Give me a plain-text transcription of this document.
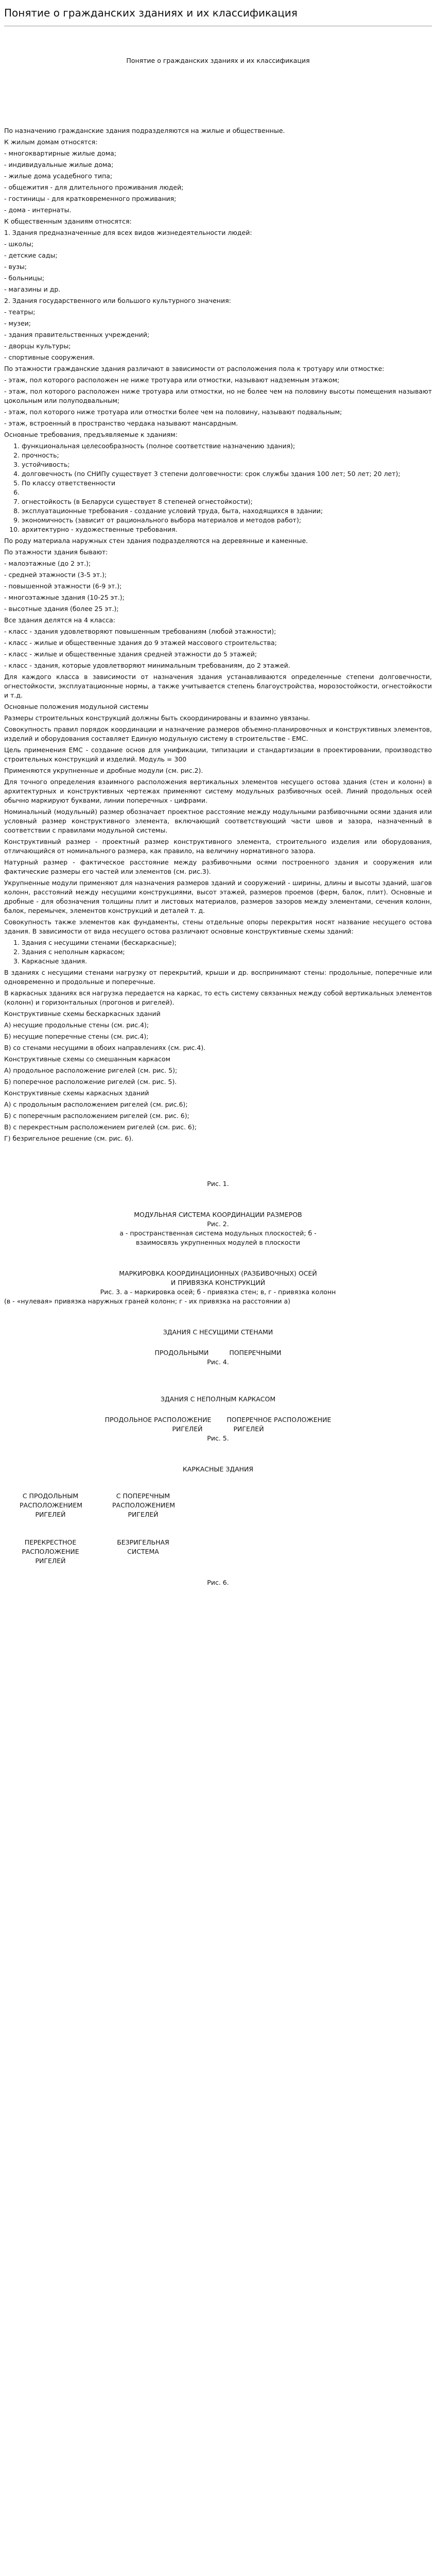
Понятие о гражданских зданиях и их классификация

Понятие о гражданских зданиях и их классификация

По назначению гражданские здания подразделяются на жилые и общественные.

К жилым домам относятся:

- многоквартирные жилые дома;

- индивидуальные жилые дома;

- жилые дома усадебного типа;

- общежития - для длительного проживания людей;

- гостиницы - для кратковременного проживания;

- дома - интернаты.

К общественным зданиям относятся:

1. Здания предназначенные для всех видов жизнедеятельности людей:

- школы;

- детские сады;

- вузы;

- больницы;

- магазины и др.

2. Здания государственного или большого культурного значения:

- театры;

- музеи;

- здания правительственных учреждений;

- дворцы культуры;

- спортивные сооружения.

По этажности гражданские здания различают в зависимости от расположения пола к тротуару или отмостке:

- этаж, пол которого расположен не ниже тротуара или отмостки, называют надземным этажом;

- этаж, пол которого расположен ниже тротуара или отмостки, но не более чем на половину высоты помещения называют цокольным или полуподвальным;

- этаж, пол которого ниже тротуара или отмостки более чем на половину, называют подвальным;

- этаж, встроенный в пространство чердака называют мансардным.

Основные требования, предъявляемые к зданиям:

1. функциональная целесообразность (полное соответствие назначению здания);
2. прочность;
3. устойчивость;
4. долговечность (по СНИПу существует 3 степени долговечности: срок службы здания 100 лет; 50 лет; 20 лет);
5. По классу ответственности
6.
7. огнестойкость (в Беларуси существует 8 степеней огнестойкости);
8. эксплуатационные требования - создание условий труда, быта, находящихся в здании;
9. экономичность (зависит от рационального выбора материалов и методов работ);
10. архитектурно - художественные требования.

По роду материала наружных стен здания подразделяются на деревянные и каменные.

По этажности здания бывают:

- малоэтажные (до 2 эт.);

- средней этажности (3-5 эт.);

- повышенной этажности (6-9 эт.);

- многоэтажные здания (10-25 эт.);

- высотные здания (более 25 эт.);

Все здания делятся на 4 класса:

- класс - здания удовлетворяют повышенным требованиям (любой этажности);

- класс - жилые и общественные здания до 9 этажей массового строительства;

- класс - жилые и общественные здания средней этажности до 5 этажей;

- класс - здания, которые удовлетворяют минимальным требованиям, до 2 этажей.

Для каждого класса в зависимости от назначения здания устанавливаются определенные степени долговечности, огнестойкости, эксплуатационные нормы, а также учитывается степень благоустройства, морозостойкости, огнестойкости и т.д.

Основные положения модульной системы

Размеры строительных конструкций должны быть скоординированы и взаимно увязаны.

Совокупность правил порядок координации и назначение размеров объемно-планировочных и конструктивных элементов, изделий и оборудования составляет Единую модульную систему в строительстве - ЕМС.

Цель применения ЕМС - создание основ для унификации, типизации и стандартизации в проектировании, производство строительных конструкций и изделий. Модуль = 300

Применяются укрупненные и дробные модули (см. рис.2).

Для точного определения взаимного расположения вертикальных элементов несущего остова здания (стен и колонн) в архитектурных и конструктивных чертежах применяют систему модульных разбивочных осей. Линий продольных осей обычно маркируют буквами, линии поперечных - цифрами.

Номинальный (модульный) размер обозначает проектное расстояние между модульными разбивочными осями здания или условный размер конструктивного элемента, включающий соответствующий части швов и зазора, назначенный в соответствии с правилами модульной системы.

Конструктивный размер - проектный размер конструктивного элемента, строительного изделия или оборудования, отличающийся от номинального размера, как правило, на величину нормативного зазора.

Натурный размер - фактическое расстояние между разбивочными осями построенного здания и сооружения или фактические размеры его частей или элементов (см. рис.3).

Укрупненные модули применяют для назначения размеров зданий и сооружений - ширины, длины и высоты зданий, шагов колонн, расстояний между несущими конструкциями, высот этажей, размеров проемов (ферм, балок, плит). Основные и дробные - для обозначения толщины плит и листовых материалов, размеров зазоров между элементами, сечения колонн, балок, перемычек, элементов конструкций и деталей т. д.

Совокупность также элементов как фундаменты, стены отдельные опоры перекрытия носят название несущего остова здания. В зависимости от вида несущего остова различают основные конструктивные схемы зданий:

1. Здания с несущими стенами (бескаркасные);
2. Здания с неполным каркасом;
3. Каркасные здания.

В зданиях с несущими стенами нагрузку от перекрытий, крыши и др. воспринимают стены: продольные, поперечные или одновременно и продольные и поперечные.

В каркасных зданиях вся нагрузка передается на каркас, то есть систему связанных между собой вертикальных элементов (колонн) и горизонтальных (прогонов и ригелей).

Конструктивные схемы бескаркасных зданий

А) несущие продольные стены (см. рис.4);

Б) несущие поперечные стены (см. рис.4);

В) со стенами несущими в обоих направлениях (см. рис.4).

Конструктивные схемы со смешанным каркасом

А) продольное расположение ригелей (см. рис. 5);

Б) поперечное расположение ригелей (см. рис. 5).

Конструктивные схемы каркасных зданий

А) с продольным расположением ригелей (см. рис.6);

Б) с поперечным расположением ригелей (см. рис. 6);

В) с перекрестным расположением ригелей (см. рис. 6);

Г) безригельное решение (см. рис. 6).

Рис. 1.

МОДУЛЬНАЯ СИСТЕМА КООРДИНАЦИИ РАЗМЕРОВ

Рис. 2.

а - пространственная система модульных плоскостей; б -

взаимосвязь укрупненных модулей в плоскости

МАРКИРОВКА КООРДИНАЦИОННЫХ (РАЗБИВОЧНЫХ) ОСЕЙ

И ПРИВЯЗКА КОНСТРУКЦИЙ

Рис. 3. а - маркировка осей; б - привязка стен; в, г - привязка колонн

(в - «нулевая» привязка наружных граней колонн; г - их привязка на расстоянии а)

ЗДАНИЯ С НЕСУЩИМИ СТЕНАМИ

ПРОДОЛЬНЫМИ	ПОПЕРЕЧНЫМИ

Рис. 4.

ЗДАНИЯ С НЕПОЛНЫМ КАРКАСОМ

ПРОДОЛЬНОЕ РАСПОЛОЖЕНИЕ ПОПЕРЕЧНОЕ РАСПОЛОЖЕНИЕ
РИГЕЛЕЙ	РИГЕЛЕЙ

Рис. 5.

КАРКАСНЫЕ ЗДАНИЯ

С ПРОДОЛЬНЫМ РАСПОЛОЖЕНИЕМ РИГЕЛЕЙ
С ПОПЕРЕЧНЫМ РАСПОЛОЖЕНИЕМ РИГЕЛЕЙ
ПЕРЕКРЕСТНОЕ РАСПОЛОЖЕНИЕ РИГЕЛЕЙ
БЕЗРИГЕЛЬНАЯ СИСТЕМА

Рис. 6.
